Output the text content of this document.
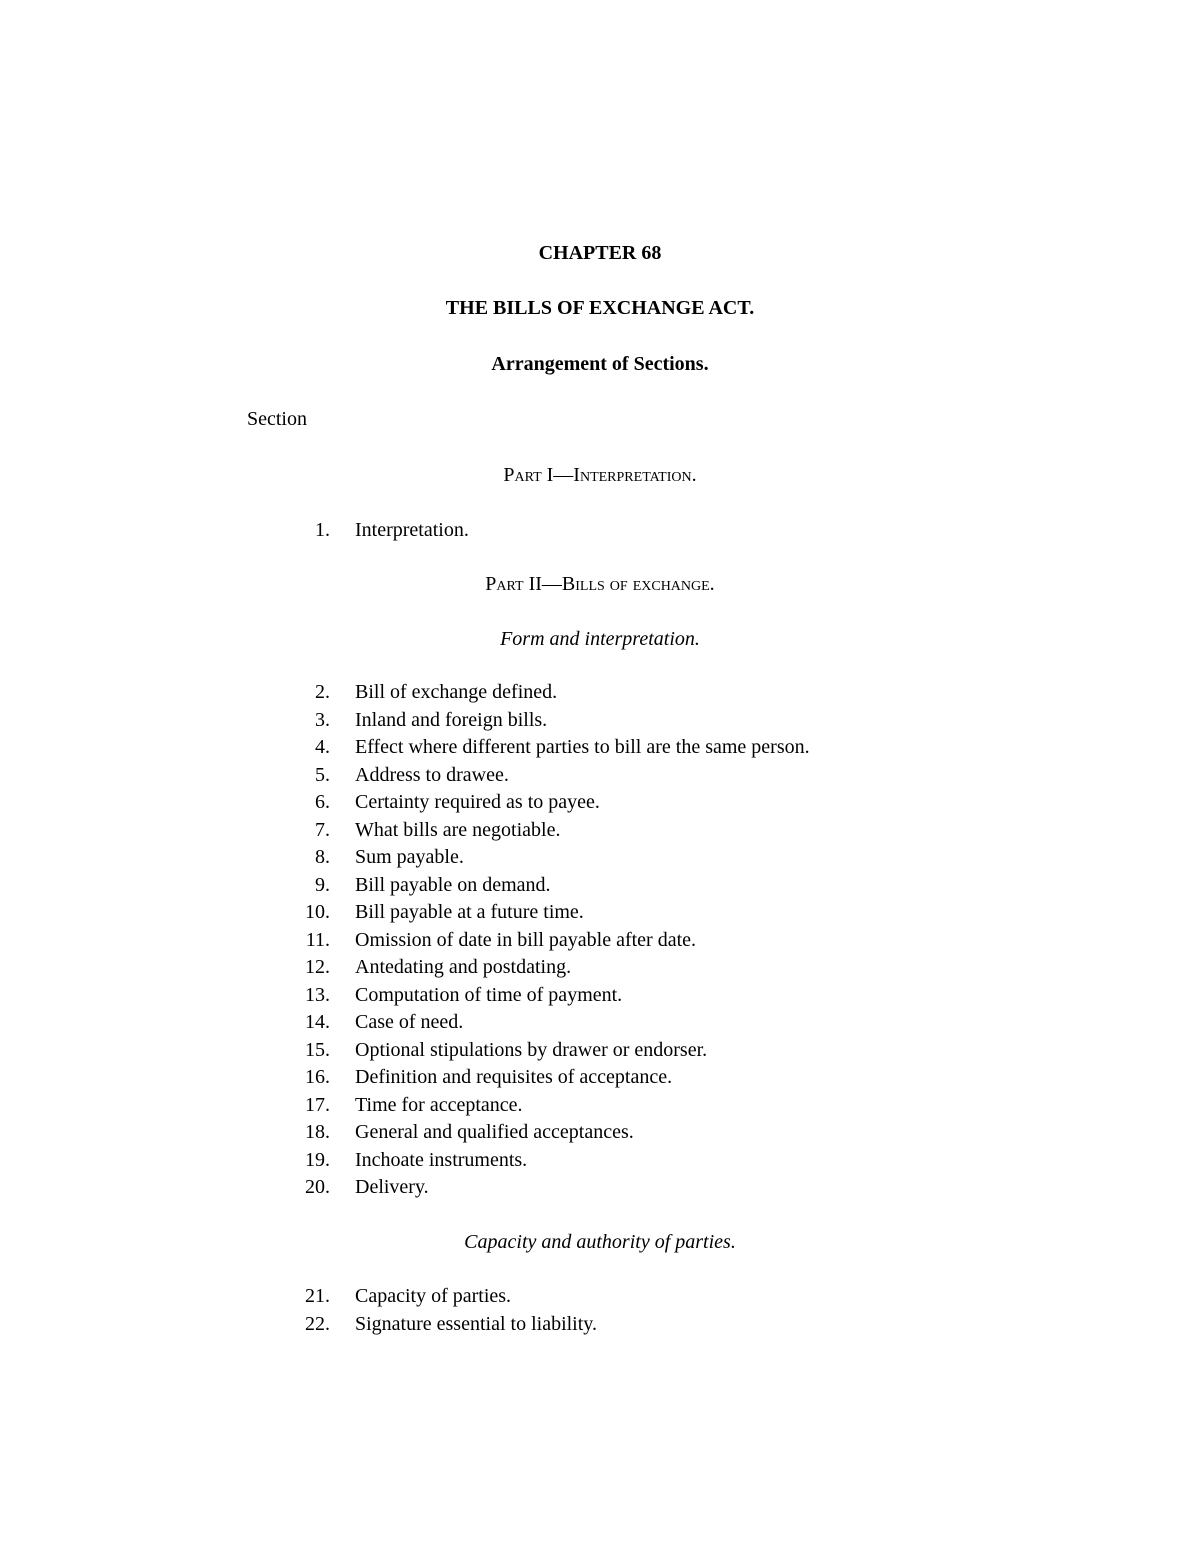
CHAPTER 68

THE BILLS OF EXCHANGE ACT.

Arrangement of Sections.

Section

Part I—Interpretation.

1. Interpretation.

Part II—Bills of exchange.

Form and interpretation.

2. Bill of exchange defined.
3. Inland and foreign bills.
4. Effect where different parties to bill are the same person.
5. Address to drawee.
6. Certainty required as to payee.
7. What bills are negotiable.
8. Sum payable.
9. Bill payable on demand.
10. Bill payable at a future time.
11. Omission of date in bill payable after date.
12. Antedating and postdating.
13. Computation of time of payment.
14. Case of need.
15. Optional stipulations by drawer or endorser.
16. Definition and requisites of acceptance.
17. Time for acceptance.
18. General and qualified acceptances.
19. Inchoate instruments.
20. Delivery.

Capacity and authority of parties.

21. Capacity of parties.
22. Signature essential to liability.
